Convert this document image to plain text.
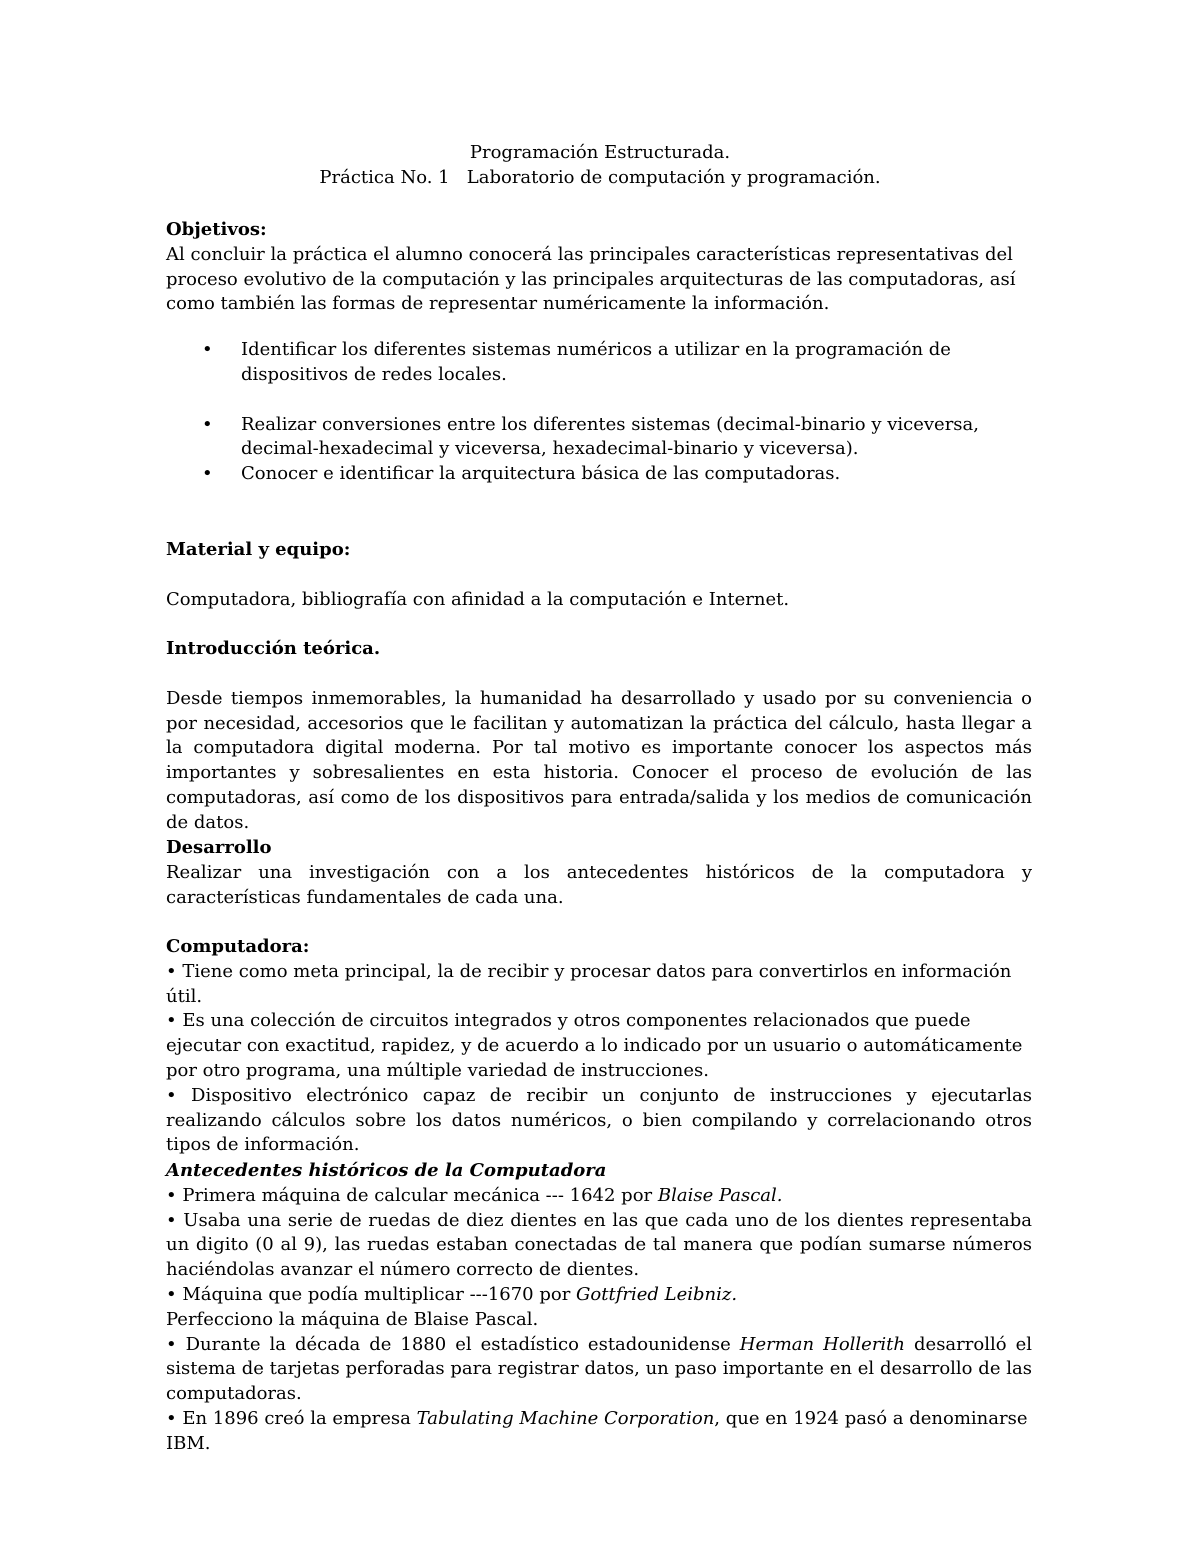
Programación Estructurada.
Práctica No. 1   Laboratorio de computación y programación.

Objetivos:

Al concluir la práctica el alumno conocerá las principales características representativas del proceso evolutivo de la computación y las principales arquitecturas de las computadoras, así como también las formas de representar numéricamente la información.

• Identificar los diferentes sistemas numéricos a utilizar en la programación de dispositivos de redes locales.
• Realizar conversiones entre los diferentes sistemas (decimal-binario y viceversa, decimal-hexadecimal y viceversa, hexadecimal-binario y viceversa).
• Conocer e identificar la arquitectura básica de las computadoras.

Material y equipo:

Computadora, bibliografía con afinidad a la computación e Internet.

Introducción teórica.

Desde tiempos inmemorables, la humanidad ha desarrollado y usado por su conveniencia o por necesidad, accesorios que le facilitan y automatizan la práctica del cálculo, hasta llegar a la computadora digital moderna. Por tal motivo es importante conocer los aspectos más importantes y sobresalientes en esta historia. Conocer el proceso de evolución de las computadoras, así como de los dispositivos para entrada/salida y los medios de comunicación de datos.

Desarrollo

Realizar una investigación con a los antecedentes históricos de la computadora y características fundamentales de cada una.

Computadora:

• Tiene como meta principal, la de recibir y procesar datos para convertirlos en información útil.

• Es una colección de circuitos integrados y otros componentes relacionados que puede ejecutar con exactitud, rapidez, y de acuerdo a lo indicado por un usuario o automáticamente por otro programa, una múltiple variedad de instrucciones.

• Dispositivo electrónico capaz de recibir un conjunto de instrucciones y ejecutarlas realizando cálculos sobre los datos numéricos, o bien compilando y correlacionando otros tipos de información.

Antecedentes históricos de la Computadora

• Primera máquina de calcular mecánica --- 1642 por Blaise Pascal.

• Usaba una serie de ruedas de diez dientes en las que cada uno de los dientes representaba un digito (0 al 9), las ruedas estaban conectadas de tal manera que podían sumarse números haciéndolas avanzar el número correcto de dientes.

• Máquina que podía multiplicar ---1670 por Gottfried Leibniz.

Perfecciono la máquina de Blaise Pascal.

• Durante la década de 1880 el estadístico estadounidense Herman Hollerith desarrolló el sistema de tarjetas perforadas para registrar datos, un paso importante en el desarrollo de las computadoras.

• En 1896 creó la empresa Tabulating Machine Corporation, que en 1924 pasó a denominarse IBM.
